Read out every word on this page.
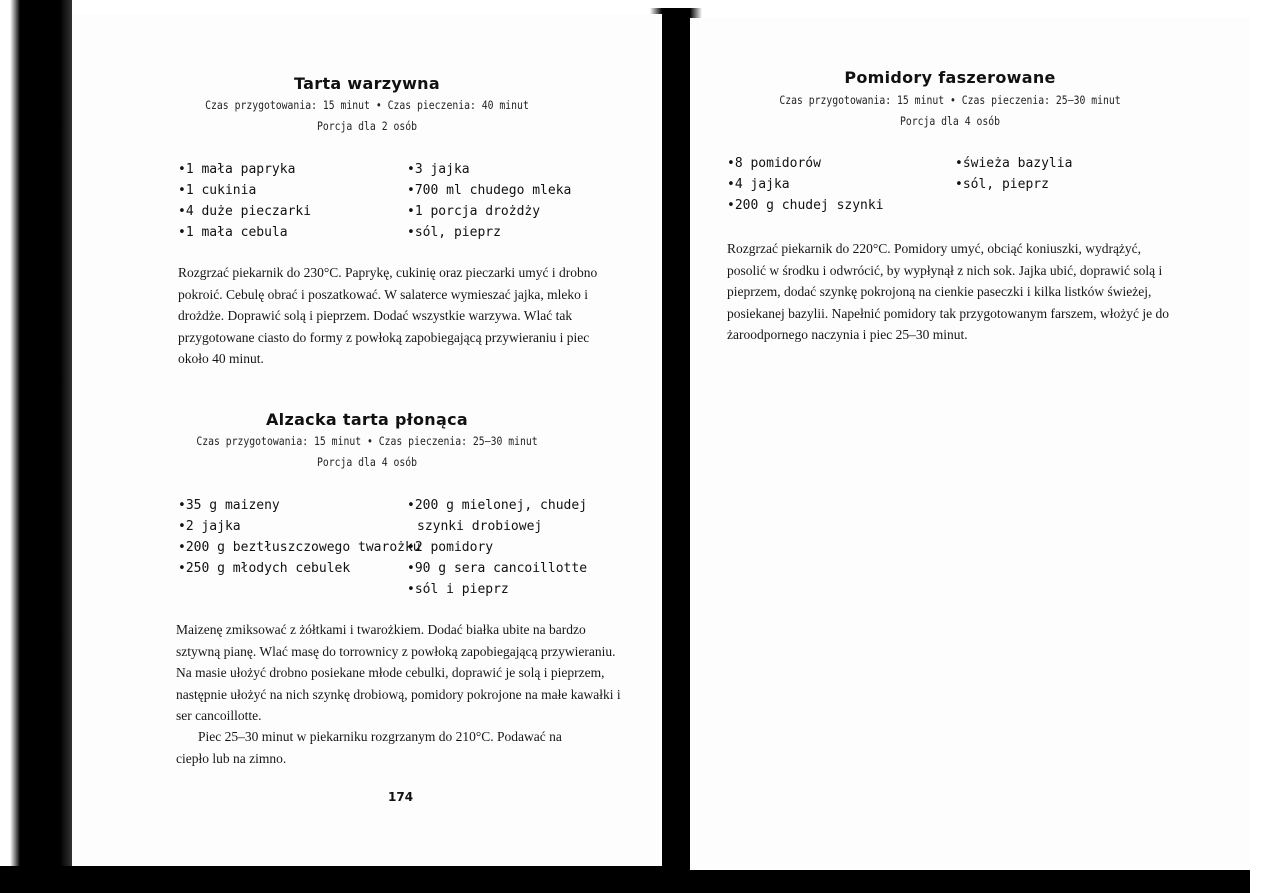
Tarta warzywna
Czas przygotowania: 15 minut • Czas pieczenia: 40 minut
Porcja dla 2 osób
• 1 mała papryka
• 1 cukinia
• 4 duże pieczarki
• 1 mała cebula
• 3 jajka
• 700 ml chudego mleka
• 1 porcja drożdży
• sól, pieprz

Rozgrzać piekarnik do 230°C. Paprykę, cukinię oraz pieczarki umyć i drobno pokroić. Cebulę obrać i poszatkować. W salaterce wymieszać jajka, mleko i drożdże. Doprawić solą i pieprzem. Dodać wszystkie warzywa. Wlać tak przygotowane ciasto do formy z powłoką zapobiegającą przywieraniu i piec około 40 minut.

Alzacka tarta płonąca
Czas przygotowania: 15 minut • Czas pieczenia: 25–30 minut
Porcja dla 4 osób
• 35 g maizeny
• 2 jajka
• 200 g beztłuszczowego twarożku
• 250 g młodych cebulek
• 200 g mielonej, chudej
szynki drobiowej
• 2 pomidory
• 90 g sera cancoillotte
• sól i pieprz

Maizenę zmiksować z żółtkami i twarożkiem. Dodać białka ubite na bardzo sztywną pianę. Wlać masę do torrownicy z powłoką zapobiegającą przywieraniu. Na masie ułożyć drobno posiekane młode cebulki, doprawić je solą i pieprzem, następnie ułożyć na nich szynkę drobiową, pomidory pokrojone na małe kawałki i ser cancoillotte.

Piec 25–30 minut w piekarniku rozgrzanym do 210°C. Podawać na ciepło lub na zimno.

174
Pomidory faszerowane
Czas przygotowania: 15 minut • Czas pieczenia: 25–30 minut
Porcja dla 4 osób
• 8 pomidorów
• 4 jajka
• 200 g chudej szynki
• świeża bazylia
• sól, pieprz

Rozgrzać piekarnik do 220°C. Pomidory umyć, obciąć koniuszki, wydrążyć, posolić w środku i odwrócić, by wypłynął z nich sok. Jajka ubić, doprawić solą i pieprzem, dodać szynkę pokrojoną na cienkie paseczki i kilka listków świeżej, posiekanej bazylii. Napełnić pomidory tak przygotowanym farszem, włożyć je do żaroodpornego naczynia i piec 25–30 minut.
